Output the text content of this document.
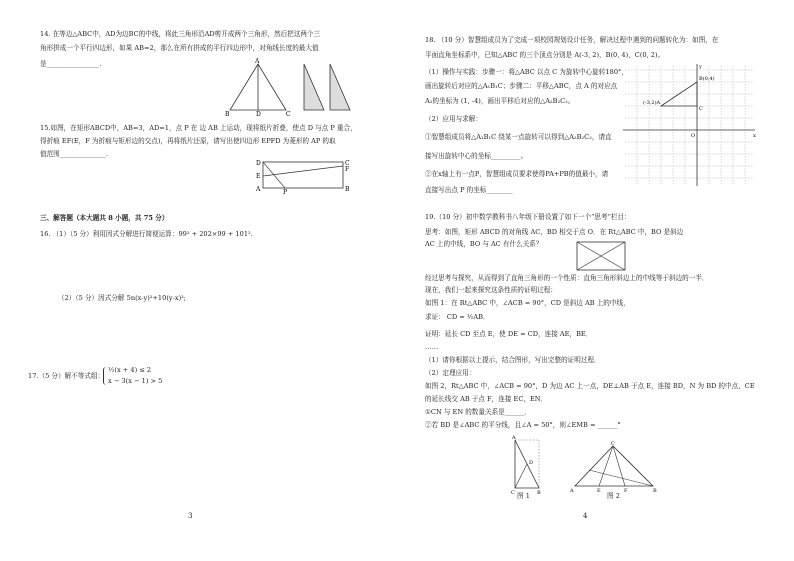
14. 在等边△ABC中，AD为边BC的中线，将此三角形沿AD剪开成两个三角形，然后把这两个三
角形拼成一个平行四边形，如果 AB=2，那么在所有拼成的平行四边形中，对角线长度的最大值
是________________.	A
B	D	C
15.如图，在矩形ABCD中，AB=3，AD=1，点 P 在 边 AB 上运动，现将纸片折叠，使点 D 与点 P 重合，
得折痕 EF(E，F 为折痕与矩形边的交点)，再将纸片还原，请写出使四边形 EPFD 为菱形的 AP 的取
值范围______________.
D	C
E
F
A	P	B
三、解答题（本大题共 8 小题，共 75 分）
16. （1）（5 分）利用因式分解进行简便运算：99² + 202×99 + 101².
（2）（5 分）因式分解 5n(x-y)²+10(y-x)²;
17.（5 分）解不等式组：
½(x + 4) ≤ 2
x − 3(x − 1) > 5
3
18. （10 分）智慧组成员为了完成一项校园规划设计任务，解决过程中遇到的问题转化为：如图，在
平面直角坐标系中，已知△ABC 的三个顶点分别是 A(-3, 2)，B(0, 4)，C(0, 2)。
（1）操作与实践：步骤一：将△ABC 以点 C 为旋转中心旋转180°，
画出旋转后对应的△A₁B₁C；步骤二：平移△ABC，点 A 的对应点
A₂的坐标为 (1, -4)，画出平移后对应的△A₂B₂C₂。
（2）应用与求解：
①智慧组成员将△A₁B₁C 绕某一点旋转可以得到△A₂B₂C₂，请直
接写出旋转中心的坐标_________。
②在x轴上有一点P，智慧组成员要求使得PA+PB的值最小，请
直接写出点 P 的坐标________
B(0,4)
(-3,2)A
C
O	x
y
19.（10 分）初中数学教科书八年级下册设置了如下一个“思考”栏目：
思考：如图，矩形 ABCD 的对角线 AC，BD 相交于点 O．在 Rt△ABC 中，BO 是斜边
AC 上的中线，BO 与 AC 有什么关系？
经过思考与探究，从而得到了直角三角形的一个性质：直角三角形斜边上的中线等于斜边的一半．
现在，我们一起来探究这条性质的证明过程：
如图 1：在 Rt△ABC 中，∠ACB = 90°，CD 是斜边 AB 上的中线，
求证： CD = ½AB．
证明：延长 CD 至点 E，使 DE = CD，连接 AE，BE．
……
（1）请你根据以上提示，结合图形，写出完整的证明过程．
（2）定理应用：
如图 2，Rt△ABC 中，∠ACB = 90°，D 为边 AC 上一点，DE⊥AB 于点 E，连接 BD，N 为 BD 的中点，CE
的延长线交 AB 于点 F，连接 EC，EN．
①CN 与 EN 的数量关系是______．
②若 BD 是∠ABC 的平分线，且∠A = 50°，则∠EMB = ______°
A
C	B
D
图 1
C
A	B
E	F
图 2
4
